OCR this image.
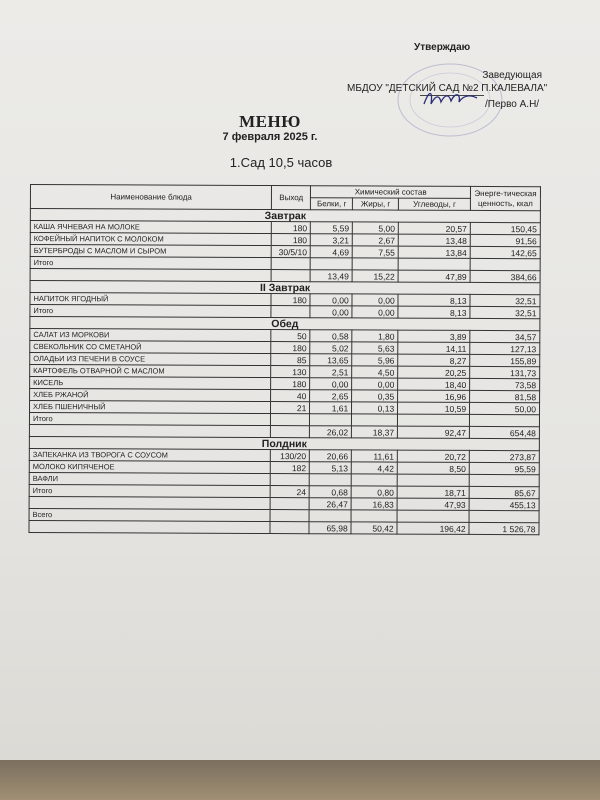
Утверждаю
Заведующая
МБДОУ "ДЕТСКИЙ САД №2 П.КАЛЕВАЛА"
/Перво А.Н/
МЕНЮ
7 февраля 2025 г.
1.Сад 10,5 часов
Наименование блюда	Выход	Химический состав			Энерге-тическая ценность, ккал
		Белки, г	Жиры, г	Углеводы, г	
Завтрак					
КАША ЯЧНЕВАЯ НА МОЛОКЕ	180	5,59	5,00	20,57	150,45
КОФЕЙНЫЙ НАПИТОК С МОЛОКОМ	180	3,21	2,67	13,48	91,56
БУТЕРБРОДЫ С МАСЛОМ И СЫРОМ	30/5/10	4,69	7,55	13,84	142,65
Итого					
		13,49	15,22	47,89	384,66
II Завтрак					
НАПИТОК ЯГОДНЫЙ	180	0,00	0,00	8,13	32,51
Итого		0,00	0,00	8,13	32,51
Обед					
САЛАТ ИЗ МОРКОВИ	50	0,58	1,80	3,89	34,57
СВЕКОЛЬНИК СО СМЕТАНОЙ	180	5,02	5,63	14,11	127,13
ОЛАДЬИ ИЗ ПЕЧЕНИ В СОУСЕ	85	13,65	5,96	8,27	155,89
КАРТОФЕЛЬ ОТВАРНОЙ С МАСЛОМ	130	2,51	4,50	20,25	131,73
КИСЕЛЬ	180	0,00	0,00	18,40	73,58
ХЛЕБ РЖАНОЙ	40	2,65	0,35	16,96	81,58
ХЛЕБ ПШЕНИЧНЫЙ	21	1,61	0,13	10,59	50,00
Итого					
		26,02	18,37	92,47	654,48
Полдник					
ЗАПЕКАНКА ИЗ ТВОРОГА С СОУСОМ	130/20	20,66	11,61	20,72	273,87
МОЛОКО КИПЯЧЕНОЕ	182	5,13	4,42	8,50	95,59
ВАФЛИ					
Итого	24	0,68	0,80	18,71	85,67
		26,47	16,83	47,93	455,13
Всего					
		65,98	50,42	196,42	1 526,78
